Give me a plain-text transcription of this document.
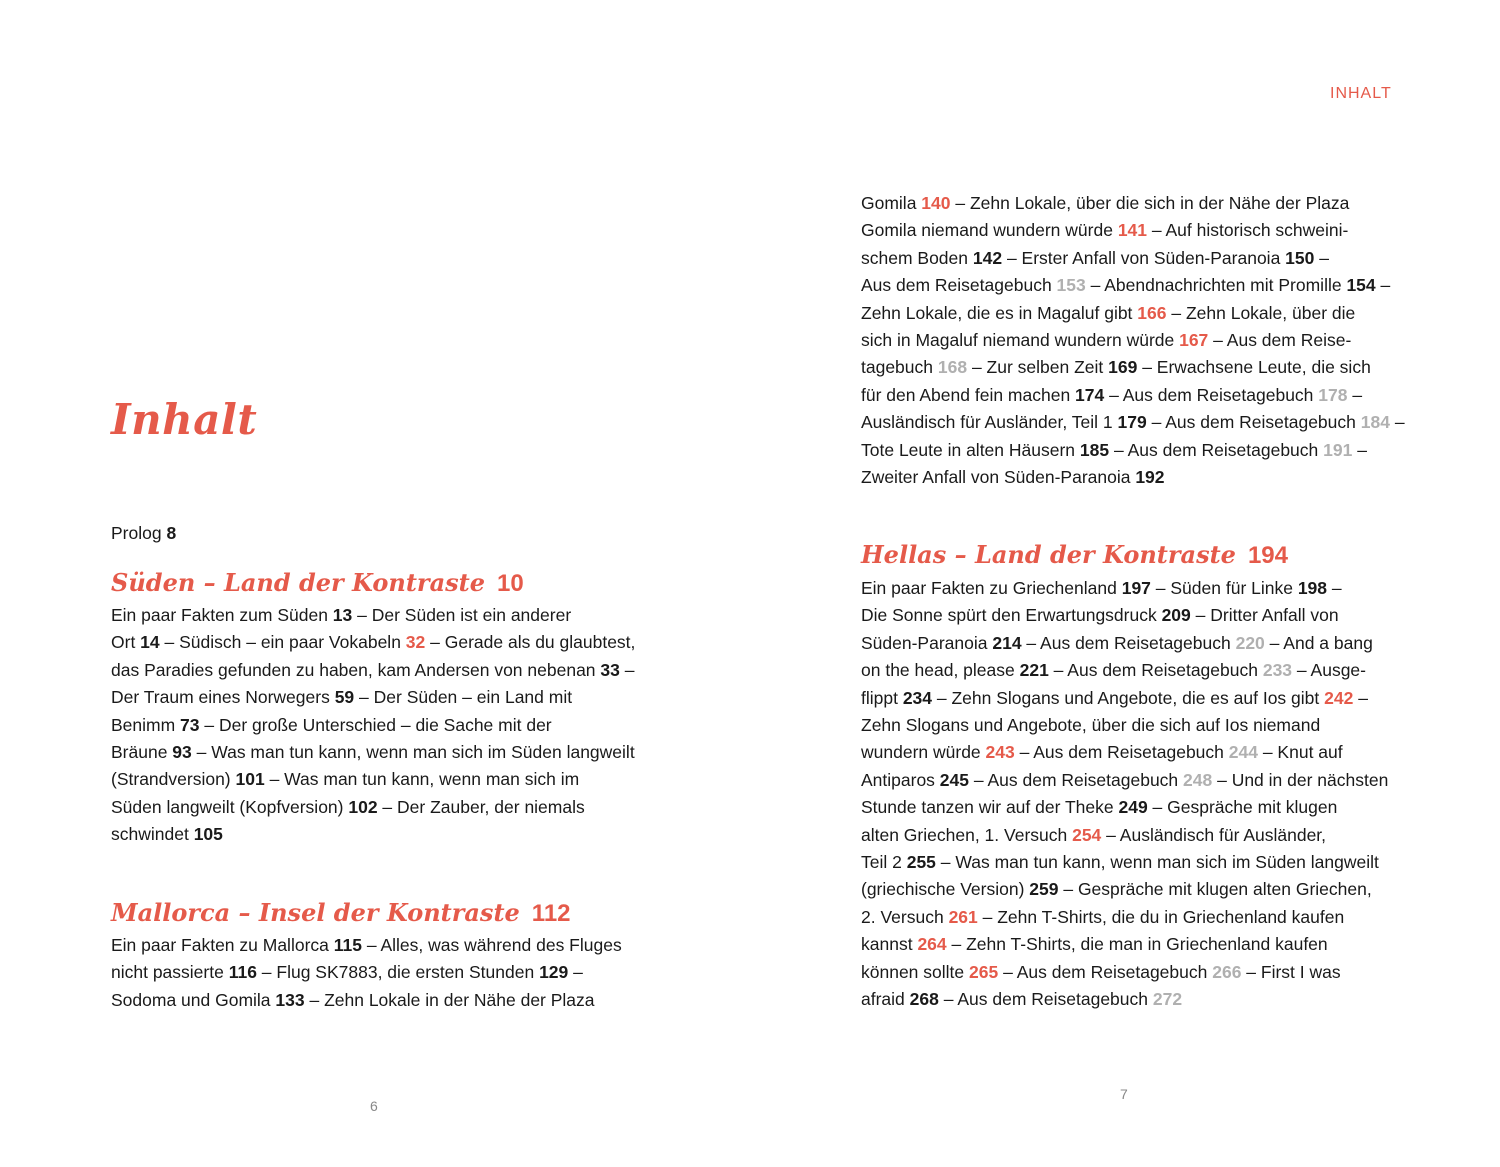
Inhalt
Prolog 8
Süden – Land der Kontraste 10
Ein paar Fakten zum Süden 13 – Der Süden ist ein anderer
Ort 14 – Südisch – ein paar Vokabeln 32 – Gerade als du glaubtest,
das Paradies gefunden zu haben, kam Andersen von nebenan 33 –
Der Traum eines Norwegers 59 – Der Süden – ein Land mit
Benimm 73 – Der große Unterschied – die Sache mit der
Bräune 93 – Was man tun kann, wenn man sich im Süden langweilt
(Strandversion) 101 – Was man tun kann, wenn man sich im
Süden langweilt (Kopfversion) 102 – Der Zauber, der niemals
schwindet 105
Mallorca – Insel der Kontraste 112
Ein paar Fakten zu Mallorca 115 – Alles, was während des Fluges
nicht passierte 116 – Flug SK7883, die ersten Stunden 129 –
Sodoma und Gomila 133 – Zehn Lokale in der Nähe der Plaza
6
INHALT
Gomila 140 – Zehn Lokale, über die sich in der Nähe der Plaza
Gomila niemand wundern würde 141 – Auf historisch schweini-
schem Boden 142 – Erster Anfall von Süden-Paranoia 150 –
Aus dem Reisetagebuch 153 – Abendnachrichten mit Promille 154 –
Zehn Lokale, die es in Magaluf gibt 166 – Zehn Lokale, über die
sich in Magaluf niemand wundern würde 167 – Aus dem Reise-
tagebuch 168 – Zur selben Zeit 169 – Erwachsene Leute, die sich
für den Abend fein machen 174 – Aus dem Reisetagebuch 178 –
Ausländisch für Ausländer, Teil 1 179 – Aus dem Reisetagebuch 184 –
Tote Leute in alten Häusern 185 – Aus dem Reisetagebuch 191 –
Zweiter Anfall von Süden-Paranoia 192
Hellas – Land der Kontraste 194
Ein paar Fakten zu Griechenland 197 – Süden für Linke 198 –
Die Sonne spürt den Erwartungsdruck 209 – Dritter Anfall von
Süden-Paranoia 214 – Aus dem Reisetagebuch 220 – And a bang
on the head, please 221 – Aus dem Reisetagebuch 233 – Ausge-
flippt 234 – Zehn Slogans und Angebote, die es auf Ios gibt 242 –
Zehn Slogans und Angebote, über die sich auf Ios niemand
wundern würde 243 – Aus dem Reisetagebuch 244 – Knut auf
Antiparos 245 – Aus dem Reisetagebuch 248 – Und in der nächsten
Stunde tanzen wir auf der Theke 249 – Gespräche mit klugen
alten Griechen, 1. Versuch 254 – Ausländisch für Ausländer,
Teil 2 255 – Was man tun kann, wenn man sich im Süden langweilt
(griechische Version) 259 – Gespräche mit klugen alten Griechen,
2. Versuch 261 – Zehn T-Shirts, die du in Griechenland kaufen
kannst 264 – Zehn T-Shirts, die man in Griechenland kaufen
können sollte 265 – Aus dem Reisetagebuch 266 – First I was
afraid 268 – Aus dem Reisetagebuch 272
7
